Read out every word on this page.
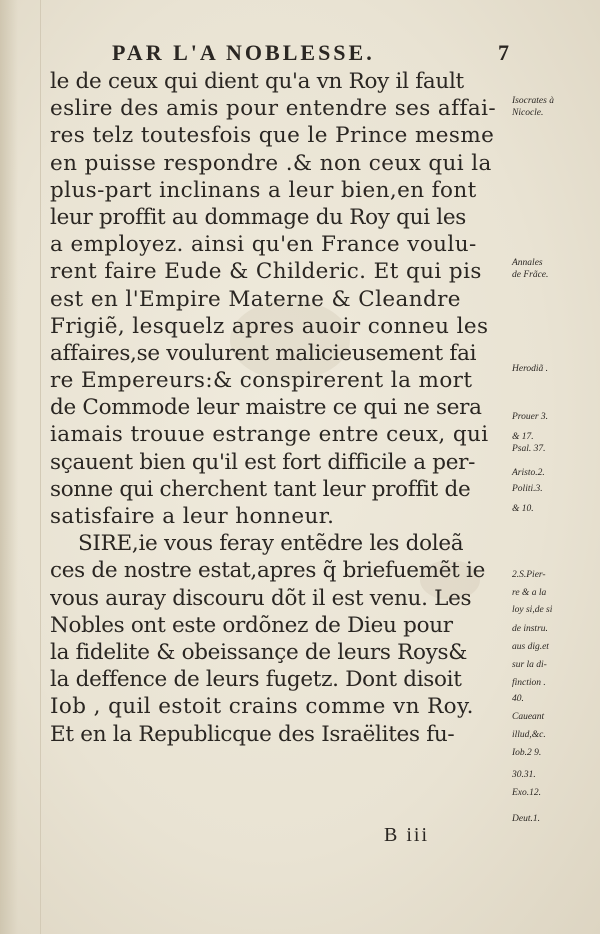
PAR L'A NOBLESSE.	7
le de ceux qui dient qu'a vn Roy il fault
eslire des amis pour entendre ses affai-
res telz toutesfois que le Prince mesme
en puisse respondre .& non ceux qui la
plus-part inclinans a leur bien,en font
leur proffit au dommage du Roy qui les
a employez. ainsi qu'en France voulu-
rent faire Eude & Childeric. Et qui pis
est en l'Empire Materne & Cleandre
Frigiẽ, lesquelz apres auoir conneu les
affaires,se voulurent malicieusement fai
re Empereurs:& conspirerent la mort
de Commode leur maistre ce qui ne sera
iamais trouue estrange entre ceux, qui
sçauent bien qu'il est fort difficile a per-
sonne qui cherchent tant leur proffit de
satisfaire a leur honneur.
SIRE,ie vous feray entẽdre les doleã
ces de nostre estat,apres q̃ briefuemẽt ie
vous auray discouru dõt il est venu. Les
Nobles ont este ordõnez de Dieu pour
la fidelite & obeissançe de leurs Roys&
la deffence de leurs fugetz. Dont disoit
Iob , quil estoit crains comme vn Roy.
Et en la Republicque des Israëlites fu-
Isocrates à
Nicocle.
Annales
de Frãce.
Herodiã .
Prouer 3.
& 17.
Psal. 37.
Aristo.2.
Politi.3.
& 10.
2.S.Pier-
re & a la
loy si,de si
de instru.
aus dig.et
sur la di-
finction .
40.
Caueant
illud,&c.
Iob.2 9.
30.31.
Exo.12.
Deut.1.
B iii
